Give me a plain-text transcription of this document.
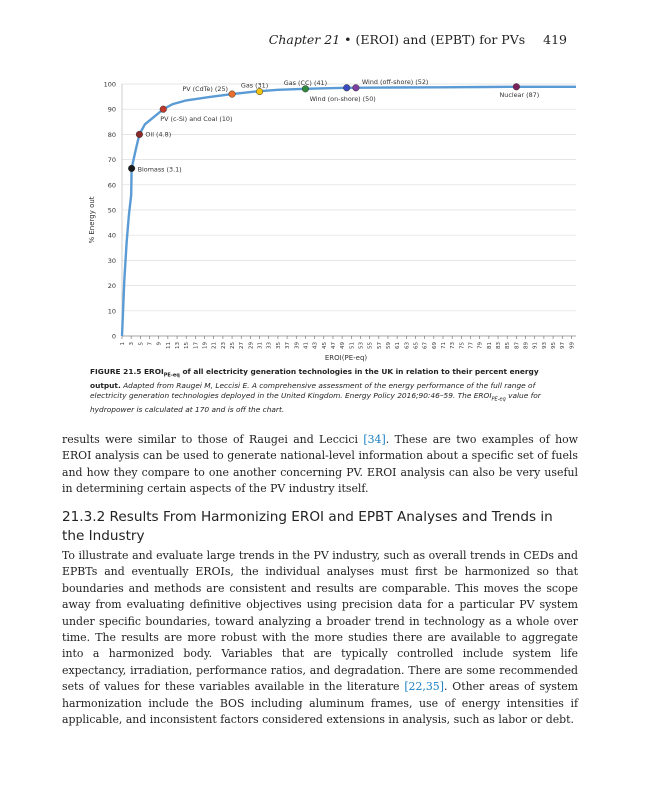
Chapter 21 • (EROI) and (EPBT) for PVs 419
0
10
20
30
40
50
60
70
80
90
100
1 3 5 7 9 11 13 15 17 19 21 23 25 27 29 31 33 35 37 39 41 43 45 47 49 51 53 55 57 59 61 63 65 67 69 71 73 75 77 79 81 83 85 87 89 91 93 95 97 99
Biomass (3.1)
Oil (4.8)
PV (c-Si) and Coal (10)
PV (CdTe) (25) Gas (31) Gas (CC) (41)
Wind (on-shore) (50)
Wind (off-shore) (52)
Nuclear (87)
% Energy out
EROI(PE-eq)
FIGURE 21.5 $EROI_{PE-eq}$ of all electricity generation technologies in the UK in relation to their percent energy output. Adapted from Raugei M, Leccisi E. A comprehensive assessment of the energy performance of the full range of electricity generation technologies deployed in the United Kingdom. Energy Policy 2016;90:46–59. The $EROI_{PE-eq}$ value for hydropower is calculated at 170 and is off the chart.
results were similar to those of Raugei and Leccici [34]. These are two examples of how EROI analysis can be used to generate national-level information about a specific set of fuels and how they compare to one another concerning PV. EROI analysis can also be very useful in determining certain aspects of the PV industry itself.
21.3.2 Results From Harmonizing EROI and EPBT Analyses and Trends in the Industry
To illustrate and evaluate large trends in the PV industry, such as overall trends in CEDs and EPBTs and eventually EROIs, the individual analyses must first be harmonized so that boundaries and methods are consistent and results are comparable. This moves the scope away from evaluating definitive objectives using precision data for a particular PV system under specific boundaries, toward analyzing a broader trend in technology as a whole over time. The results are more robust with the more studies there are available to aggregate into a harmonized body. Variables that are typically controlled include system life expectancy, irradiation, performance ratios, and degradation. There are some recommended sets of values for these variables available in the literature [22,35]. Other areas of system harmonization include the BOS including aluminum frames, use of energy intensities if applicable, and inconsistent factors considered extensions in analysis, such as labor or debt.
